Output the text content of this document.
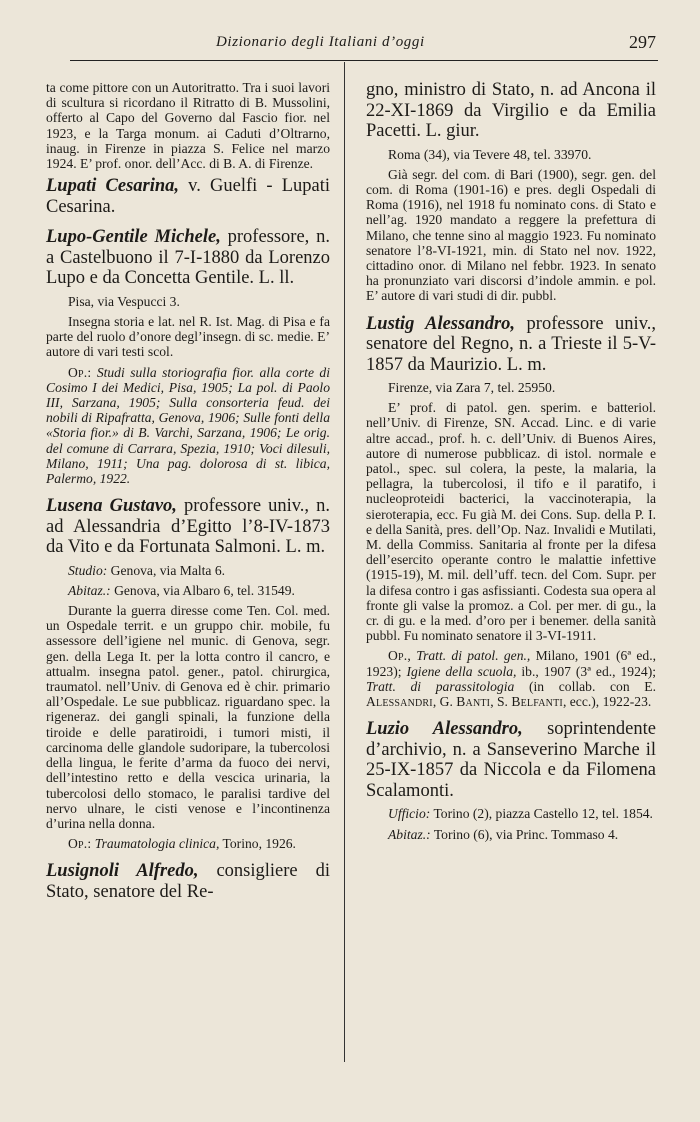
Dizionario degli Italiani d’oggi	297

ta come pittore con un Autoritratto. Tra i suoi lavori di scultura si ricordano il Ritratto di B. Mussolini, offerto al Capo del Governo dal Fascio fior. nel 1923, e la Targa monum. ai Caduti d’Oltrarno, inaug. in Firenze in piazza S. Felice nel marzo 1924. E’ prof. onor. dell’Acc. di B. A. di Firenze.

Lupati Cesarina, v. Guelfi - Lupati Cesarina.

Lupo-Gentile Michele, professore, n. a Castelbuono il 7-I-1880 da Lorenzo Lupo e da Concetta Gentile. L. ll.

Pisa, via Vespucci 3.

Insegna storia e lat. nel R. Ist. Mag. di Pisa e fa parte del ruolo d’onore degl’insegn. di sc. medie. E’ autore di vari testi scol.

Op.: Studi sulla storiografia fior. alla corte di Cosimo I dei Medici, Pisa, 1905; La pol. di Paolo III, Sarzana, 1905; Sulla consorteria feud. dei nobili di Ripafratta, Genova, 1906; Sulle fonti della «Storia fior.» di B. Varchi, Sarzana, 1906; Le orig. del comune di Carrara, Spezia, 1910; Voci dilesuli, Milano, 1911; Una pag. dolorosa di st. libica, Palermo, 1922.

Lusena Gustavo, professore univ., n. ad Alessandria d’Egitto l’8-IV-1873 da Vito e da Fortunata Salmoni. L. m.

Studio: Genova, via Malta 6.

Abitaz.: Genova, via Albaro 6, tel. 31549.

Durante la guerra diresse come Ten. Col. med. un Ospedale territ. e un gruppo chir. mobile, fu assessore dell’igiene nel munic. di Genova, segr. gen. della Lega It. per la lotta contro il cancro, e attualm. insegna patol. gener., patol. chirurgica, traumatol. nell’Univ. di Genova ed è chir. primario all’Ospedale. Le sue pubblicaz. riguardano spec. la rigeneraz. dei gangli spinali, la funzione della tiroide e delle paratiroidi, i tumori misti, il carcinoma delle glandole sudoripare, la tubercolosi della lingua, le ferite d’arma da fuoco dei nervi, dell’intestino retto e della vescica urinaria, la tubercolosi dello stomaco, le paralisi tardive del nervo ulnare, le cisti venose e l’incontinenza d’urina nella donna.

Op.: Traumatologia clinica, Torino, 1926.

Lusignoli Alfredo, consigliere di Stato, senatore del Re-

gno, ministro di Stato, n. ad Ancona il 22-XI-1869 da Virgilio e da Emilia Pacetti. L. giur.

Roma (34), via Tevere 48, tel. 33970.

Già segr. del com. di Bari (1900), segr. gen. del com. di Roma (1901-16) e pres. degli Ospedali di Roma (1916), nel 1918 fu nominato cons. di Stato e nell’ag. 1920 mandato a reggere la prefettura di Milano, che tenne sino al maggio 1923. Fu nominato senatore l’8-VI-1921, min. di Stato nel nov. 1922, cittadino onor. di Milano nel febbr. 1923. In senato ha pronunziato vari discorsi d’indole ammin. e pol. E’ autore di vari studi di dir. pubbl.

Lustig Alessandro, professore univ., senatore del Regno, n. a Trieste il 5-V-1857 da Maurizio. L. m.

Firenze, via Zara 7, tel. 25950.

E’ prof. di patol. gen. sperim. e batteriol. nell’Univ. di Firenze, SN. Accad. Linc. e di varie altre accad., prof. h. c. dell’Univ. di Buenos Aires, autore di numerose pubblicaz. di istol. normale e patol., spec. sul colera, la peste, la malaria, la pellagra, la tubercolosi, il tifo e il paratifo, i nucleoproteidi bacterici, la vaccinoterapia, la sieroterapia, ecc. Fu già M. dei Cons. Sup. della P. I. e della Sanità, pres. dell’Op. Naz. Invalidi e Mutilati, M. della Commiss. Sanitaria al fronte per la difesa dell’esercito operante contro le malattie infettive (1915-19), M. mil. dell’uff. tecn. del Com. Supr. per la difesa contro i gas asfissianti. Codesta sua opera al fronte gli valse la promoz. a Col. per mer. di gu., la cr. di gu. e la med. d’oro per i benemer. della sanità pubbl. Fu nominato senatore il 3-VI-1911.

Op., Tratt. di patol. gen., Milano, 1901 (6ª ed., 1923); Igiene della scuola, ib., 1907 (3ª ed., 1924); Tratt. di parassitologia (in collab. con E. Alessandri, G. Banti, S. Belfanti, ecc.), 1922-23.

Luzio Alessandro, soprintendente d’archivio, n. a Sanseverino Marche il 25-IX-1857 da Niccola e da Filomena Scalamonti.

Ufficio: Torino (2), piazza Castello 12, tel. 1854.

Abitaz.: Torino (6), via Princ. Tommaso 4.
